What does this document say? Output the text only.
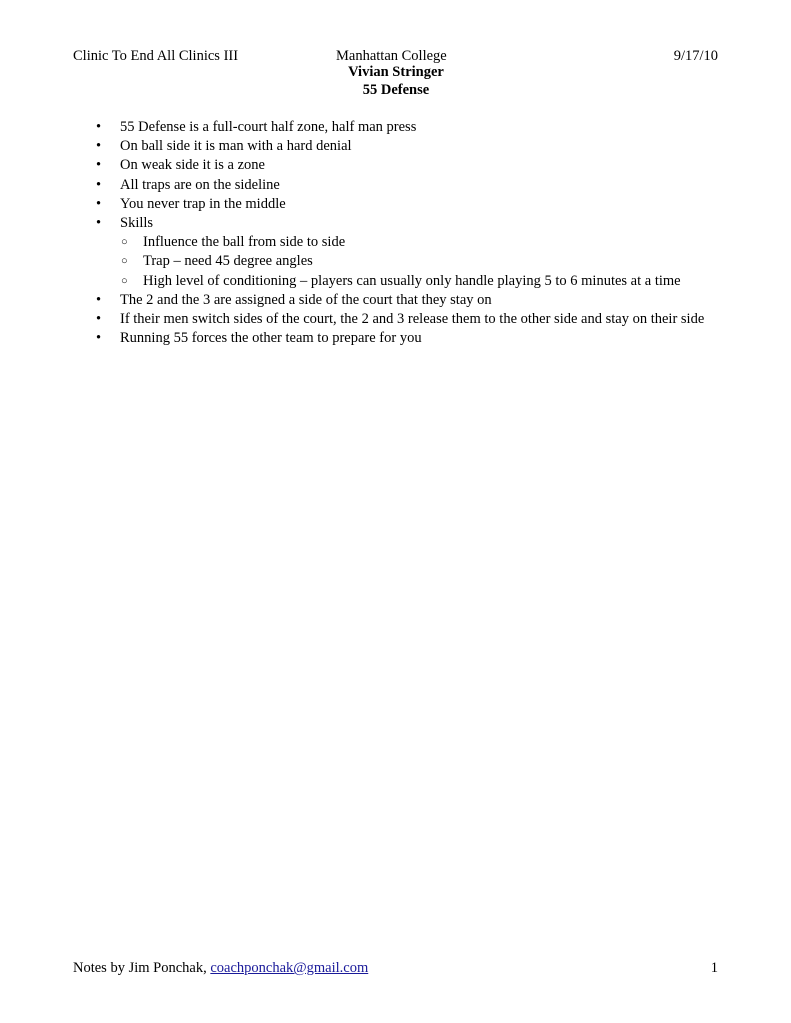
Clinic To End All Clinics III	Manhattan College	9/17/10
Vivian Stringer
55 Defense
• 55 Defense is a full-court half zone, half man press
• On ball side it is man with a hard denial
• On weak side it is a zone
• All traps are on the sideline
• You never trap in the middle
• Skills
○ Influence the ball from side to side
○ Trap – need 45 degree angles
○ High level of conditioning – players can usually only handle playing 5 to 6 minutes at a time
• The 2 and the 3 are assigned a side of the court that they stay on
• If their men switch sides of the court, the 2 and 3 release them to the other side and stay on their side
• Running 55 forces the other team to prepare for you
Notes by Jim Ponchak, coachponchak@gmail.com	1
